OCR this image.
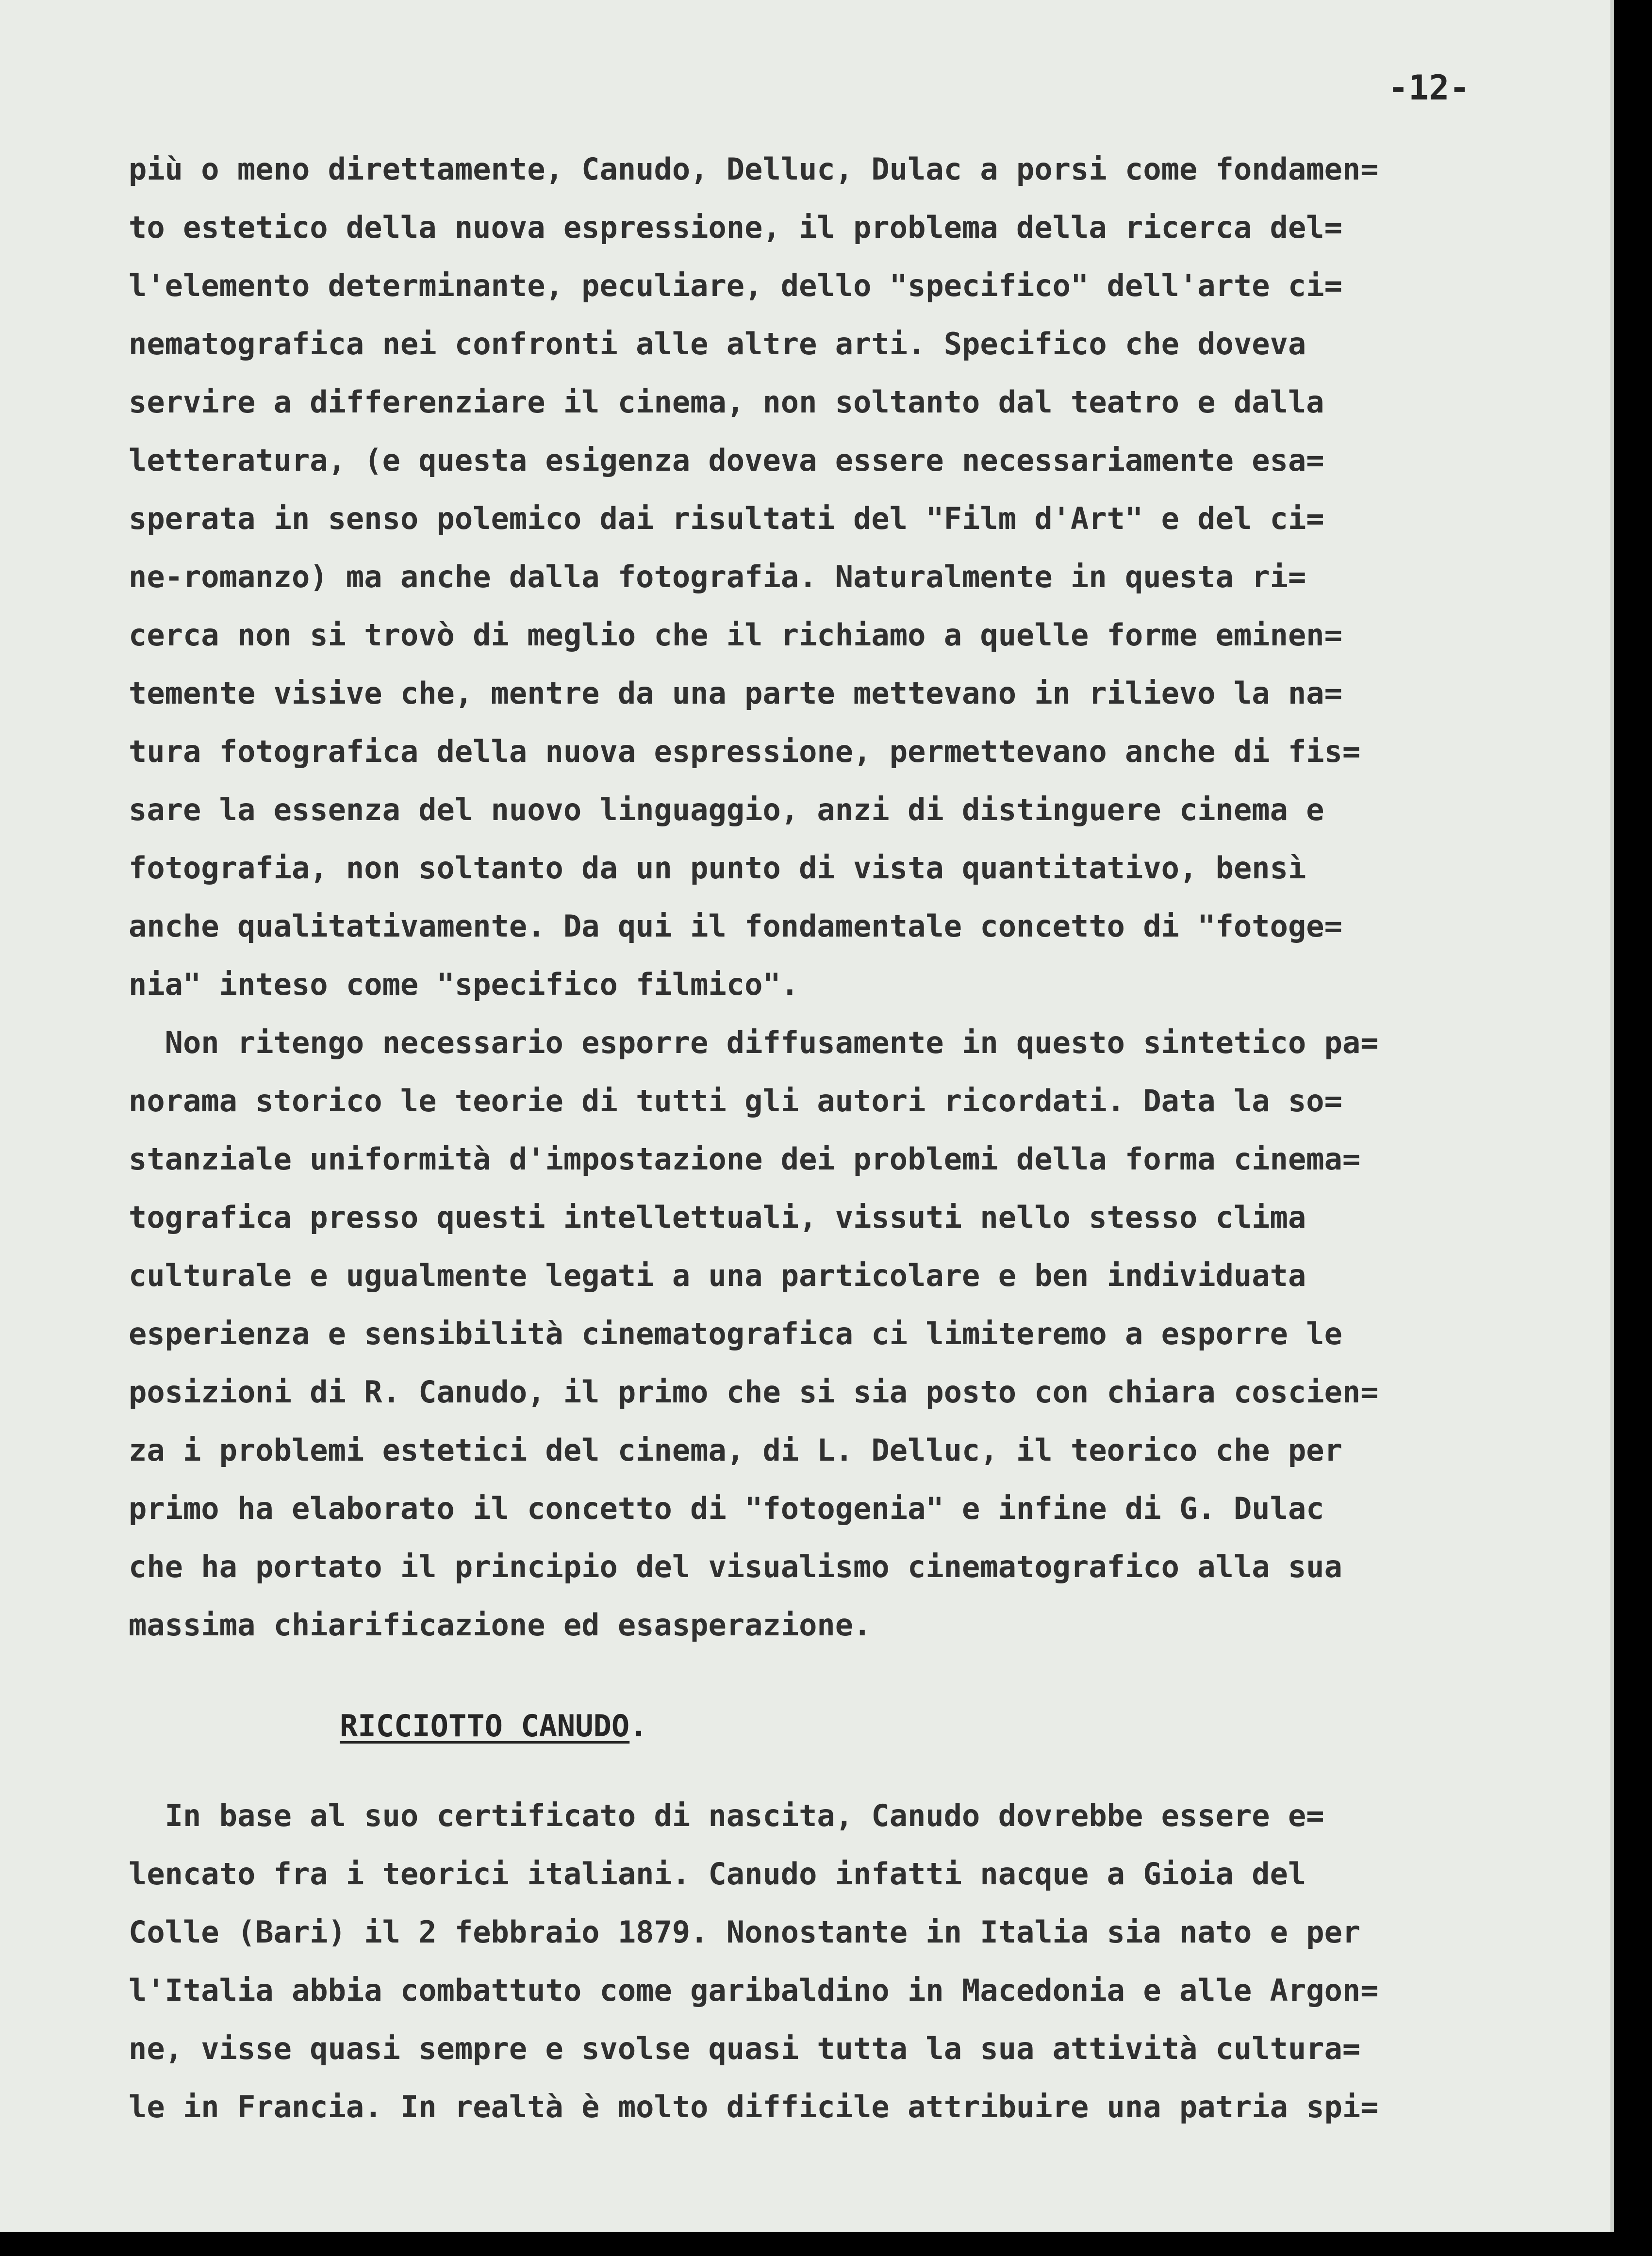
-12-
più o meno direttamente, Canudo, Delluc, Dulac a porsi come fondamen=
to estetico della nuova espressione, il problema della ricerca del=
l'elemento determinante, peculiare, dello "specifico" dell'arte ci=
nematografica nei confronti alle altre arti. Specifico che doveva
servire a differenziare il cinema, non soltanto dal teatro e dalla
letteratura, (e questa esigenza doveva essere necessariamente esa=
sperata in senso polemico dai risultati del "Film d'Art" e del ci=
ne-romanzo) ma anche dalla fotografia. Naturalmente in questa ri=
cerca non si trovò di meglio che il richiamo a quelle forme eminen=
temente visive che, mentre da una parte mettevano in rilievo la na=
tura fotografica della nuova espressione, permettevano anche di fis=
sare la essenza del nuovo linguaggio, anzi di distinguere cinema e
fotografia, non soltanto da un punto di vista quantitativo, bensì
anche qualitativamente. Da qui il fondamentale concetto di "fotoge=
nia" inteso come "specifico filmico".
Non ritengo necessario esporre diffusamente in questo sintetico pa=
norama storico le teorie di tutti gli autori ricordati. Data la so=
stanziale uniformità d'impostazione dei problemi della forma cinema=
tografica presso questi intellettuali, vissuti nello stesso clima
culturale e ugualmente legati a una particolare e ben individuata
esperienza e sensibilità cinematografica ci limiteremo a esporre le
posizioni di R. Canudo, il primo che si sia posto con chiara coscien=
za i problemi estetici del cinema, di L. Delluc, il teorico che per
primo ha elaborato il concetto di "fotogenia" e infine di G. Dulac
che ha portato il principio del visualismo cinematografico alla sua
massima chiarificazione ed esasperazione.
RICCIOTTO CANUDO.
In base al suo certificato di nascita, Canudo dovrebbe essere e=
lencato fra i teorici italiani. Canudo infatti nacque a Gioia del
Colle (Bari) il 2 febbraio 1879. Nonostante in Italia sia nato e per
l'Italia abbia combattuto come garibaldino in Macedonia e alle Argon=
ne, visse quasi sempre e svolse quasi tutta la sua attività cultura=
le in Francia. In realtà è molto difficile attribuire una patria spi=
